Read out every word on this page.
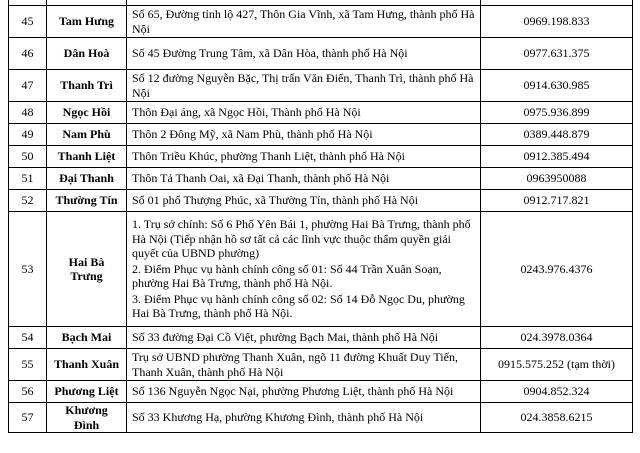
45	Tam Hưng	Số 65, Đường tỉnh lộ 427, Thôn Gia Vĩnh, xã Tam Hưng, thành phố Hà Nội	0969.198.833
46	Dân Hoà	Số 45 Đường Trung Tâm, xã Dân Hòa, thành phố Hà Nội	0977.631.375
47	Thanh Trì	Số 12 đường Nguyễn Bặc, Thị trấn Văn Điển, Thanh Trì, thành phố Hà Nội	0914.630.985
48	Ngọc Hồi	Thôn Đại áng, xã Ngọc Hồi, Thành phố Hà Nội	0975.936.899
49	Nam Phù	Thôn 2 Đông Mỹ, xã Nam Phù, thành phố Hà Nội	0389.448.879
50	Thanh Liệt	Thôn Triều Khúc, phường Thanh Liệt, thành phố Hà Nội	0912.385.494
51	Đại Thanh	Thôn Tả Thanh Oai, xã Đại Thanh, thành phố Hà Nội	0963950088
52	Thường Tín	Số 01 phố Thượng Phúc, xã Thường Tín, thành phố Hà Nội	0912.717.821
53	Hai Bà Trưng	1. Trụ sở chính: Số 6 Phố Yên Bái 1, phường Hai Bà Trưng, thành phố Hà Nội (Tiếp nhận hồ sơ tất cả các lĩnh vực thuộc thẩm quyền giải quyết của UBND phường)
2. Điểm Phục vụ hành chính công số 01: Số 44 Trần Xuân Soạn, phường Hai Bà Trưng, thành phố Hà Nội.
3. Điểm Phục vụ hành chính công số 02: Số 14 Đỗ Ngọc Du, phường Hai Bà Trưng, thành phố Hà Nội.	0243.976.4376
54	Bạch Mai	Số 33 đường Đại Cồ Việt, phường Bạch Mai, thành phố Hà Nội	024.3978.0364
55	Thanh Xuân	Trụ sở UBND phường Thanh Xuân, ngõ 11 đường Khuất Duy Tiến, Thanh Xuân, thành phố Hà Nội	0915.575.252 (tạm thời)
56	Phương Liệt	Số 136 Nguyễn Ngọc Nại, phường Phương Liệt, thành phố Hà Nội	0904.852.324
57	Khương Đình	Số 33 Khương Hạ, phường Khương Đình, thành phố Hà Nội	024.3858.6215
